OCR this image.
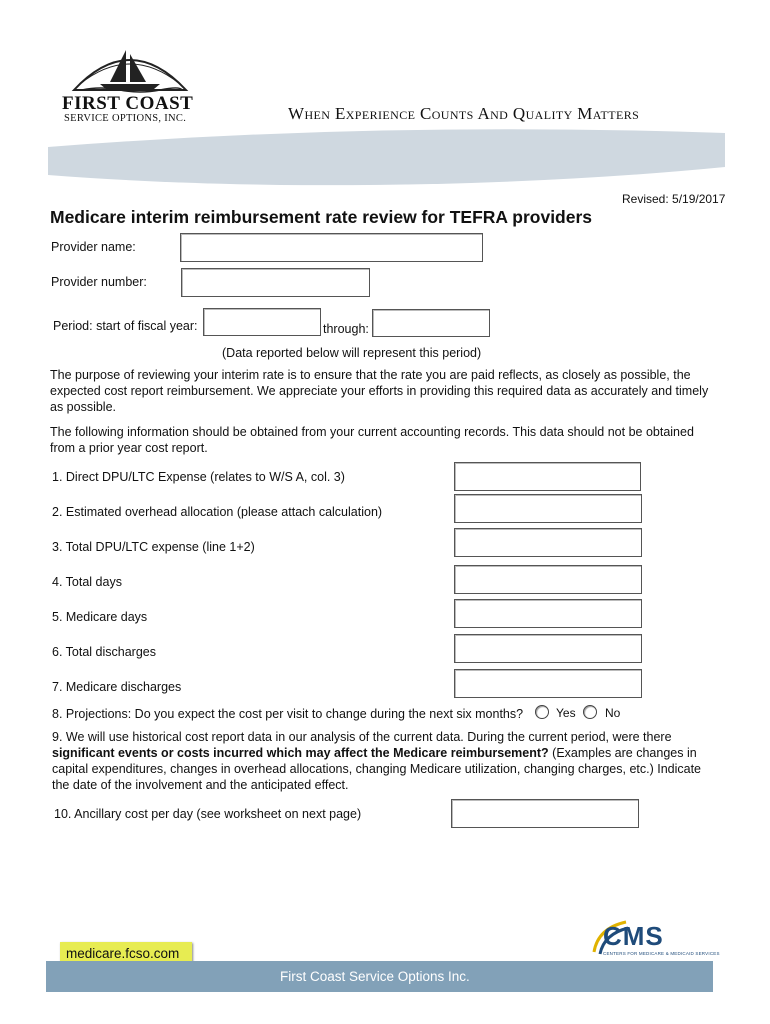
FIRST COAST
SERVICE OPTIONS, INC.	When Experience Counts And Quality Matters
Revised: 5/19/2017
Medicare interim reimbursement rate review for TEFRA providers
Provider name:
Provider number:
Period: start of fiscal year:	through:
(Data reported below will represent this period)
The purpose of reviewing your interim rate is to ensure that the rate you are paid reflects, as closely as possible, the expected cost report reimbursement. We appreciate your efforts in providing this required data as accurately and timely as possible.
The following information should be obtained from your current accounting records. This data should not be obtained from a prior year cost report.
1. Direct DPU/LTC Expense (relates to W/S A, col. 3)
2. Estimated overhead allocation (please attach calculation)
3. Total DPU/LTC expense (line 1+2)
4. Total days
5. Medicare days
6. Total discharges
7. Medicare discharges
8. Projections: Do you expect the cost per visit to change during the next six months?	Yes No
9. We will use historical cost report data in our analysis of the current data. During the current period, were there significant events or costs incurred which may affect the Medicare reimbursement? (Examples are changes in capital expenditures, changes in overhead allocations, changing Medicare utilization, changing charges, etc.) Indicate the date of the involvement and the anticipated effect.
10. Ancillary cost per day (see worksheet on next page)
medicare.fcso.com
CMS
CENTERS FOR MEDICARE & MEDICAID SERVICES
First Coast Service Options Inc.
